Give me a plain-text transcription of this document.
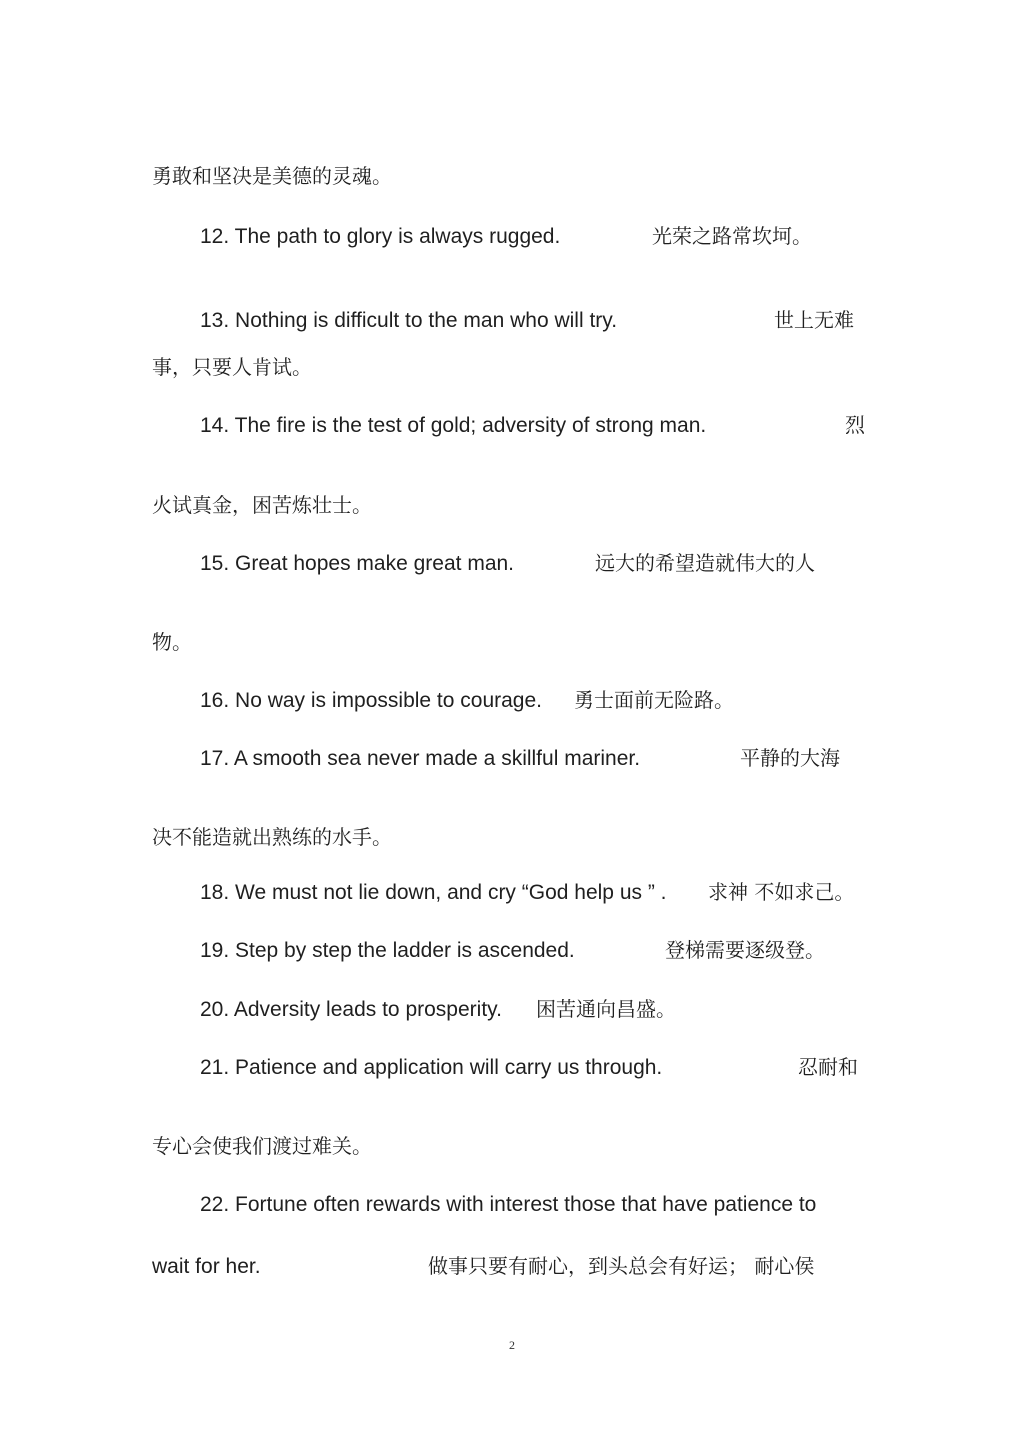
勇敢和坚决是美德的灵魂。
12. The path to glory is always rugged.	光荣之路常坎坷。
13. Nothing is difficult to the man who will try.	世上无难
事，只要人肯试。
14. The fire is the test of gold; adversity of strong man.	烈
火试真金，困苦炼壮士。
15. Great hopes make great man.	远大的希望造就伟大的人
物。
16. No way is impossible to courage. 勇士面前无险路。
17. A smooth sea never made a skillful mariner.	平静的大海
决不能造就出熟练的水手。
18. We must not lie down, and cry “God help us ” . 求神 不如求己。
19. Step by step the ladder is ascended.	登梯需要逐级登。
20. Adversity leads to prosperity. 困苦通向昌盛。
21. Patience and application will carry us through.	忍耐和
专心会使我们渡过难关。
22. Fortune often rewards with interest those that have patience to
wait for her.	做事只要有耐心，到头总会有好运； 耐心侯
2
